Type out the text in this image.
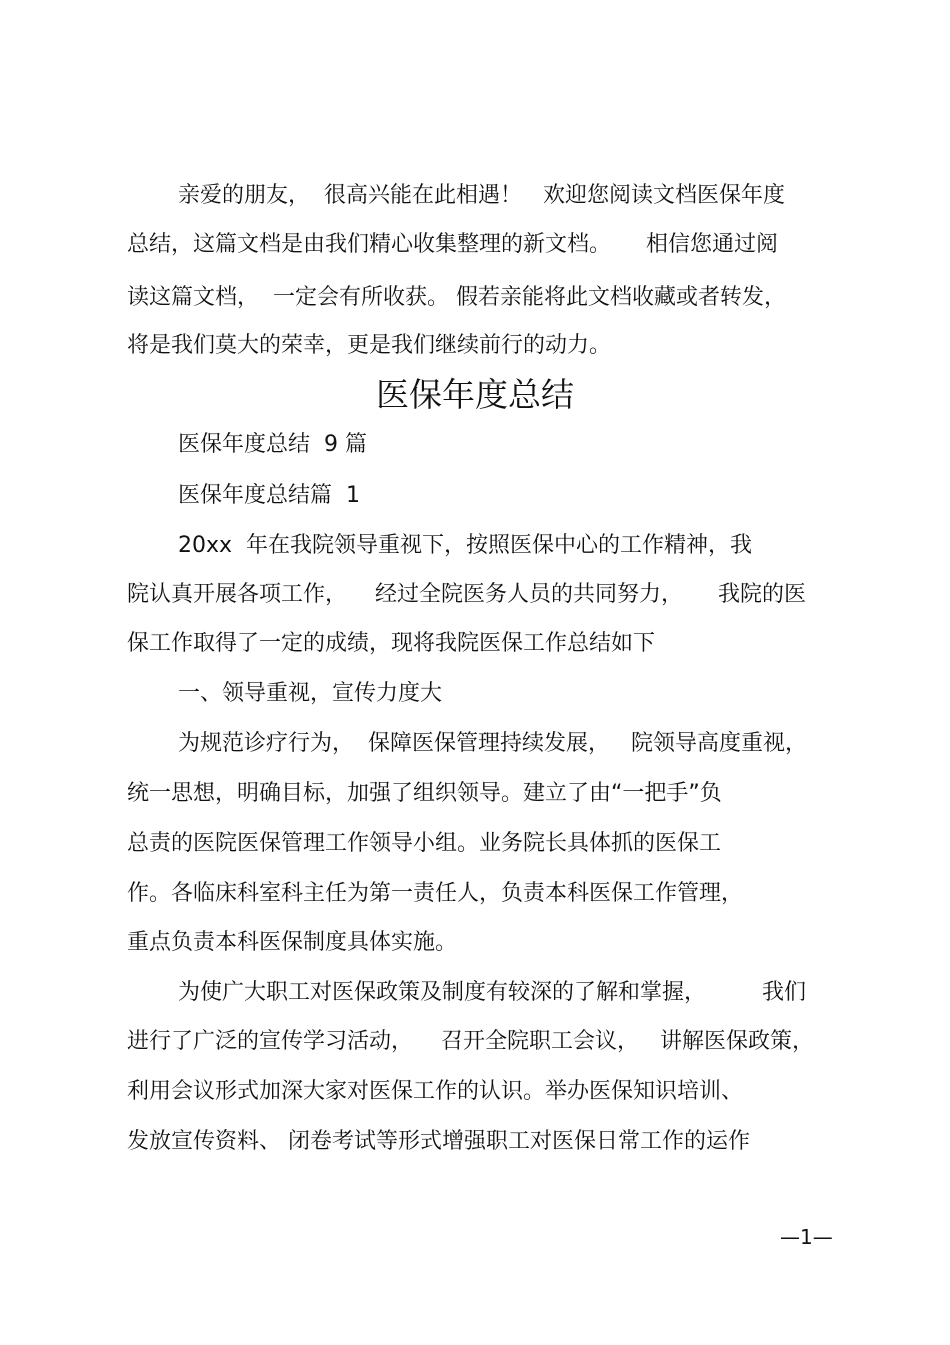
亲爱的朋友，  很高兴能在此相遇！   欢迎您阅读文档医保年度

总结，这篇文档是由我们精心收集整理的新文档。     相信您通过阅

读这篇文档，  一定会有所收获。 假若亲能将此文档收藏或者转发，

将是我们莫大的荣幸，更是我们继续前行的动力。

医保年度总结

医保年度总结  9 篇

医保年度总结篇  1

20xx  年在我院领导重视下，按照医保中心的工作精神，我

院认真开展各项工作，    经过全院医务人员的共同努力，     我院的医

保工作取得了一定的成绩，现将我院医保工作总结如下

一、领导重视，宣传力度大

为规范诊疗行为，  保障医保管理持续发展，   院领导高度重视，

统一思想，明确目标，加强了组织领导。建立了由“一把手”负

总责的医院医保管理工作领导小组。业务院长具体抓的医保工

作。各临床科室科主任为第一责任人，负责本科医保工作管理，

重点负责本科医保制度具体实施。

为使广大职工对医保政策及制度有较深的了解和掌握，        我们

进行了广泛的宣传学习活动，    召开全院职工会议，   讲解医保政策，

利用会议形式加深大家对医保工作的认识。举办医保知识培训、

发放宣传资料、 闭卷考试等形式增强职工对医保日常工作的运作

—1—
